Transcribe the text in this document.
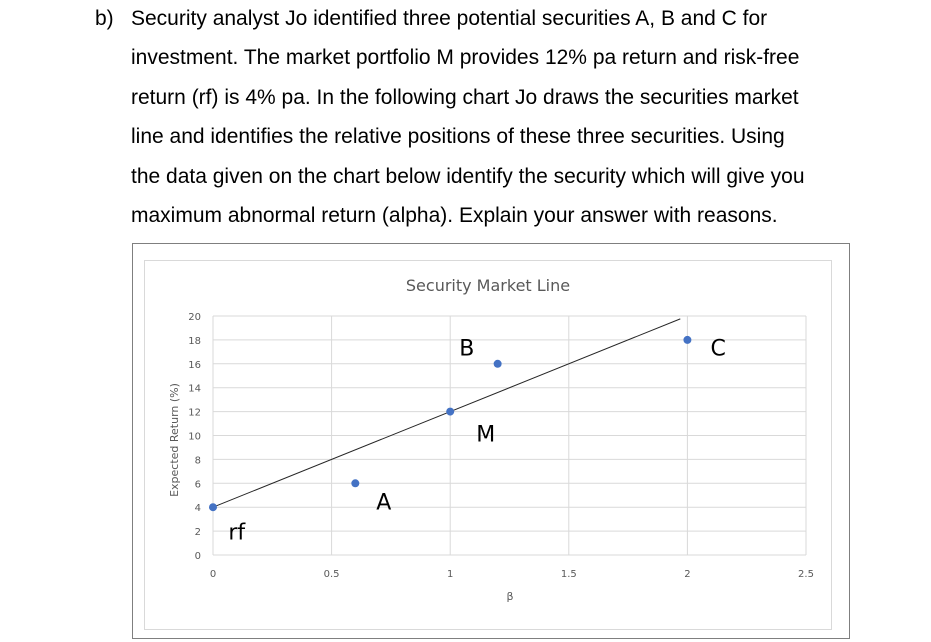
b) Security analyst Jo identified three potential securities A, B and C for
investment. The market portfolio M provides 12% pa return and risk-free
return (rf) is 4% pa. In the following chart Jo draws the securities market
line and identifies the relative positions of these three securities. Using
the data given on the chart below identify the security which will give you
maximum abnormal return (alpha). Explain your answer with reasons.
Security Market Line
β
Expected Return (%)
0
2
4
6
8
10
12
14
16
18
20
0	0.5	1	1.5	2	2.5
rf
A
M
B	C
